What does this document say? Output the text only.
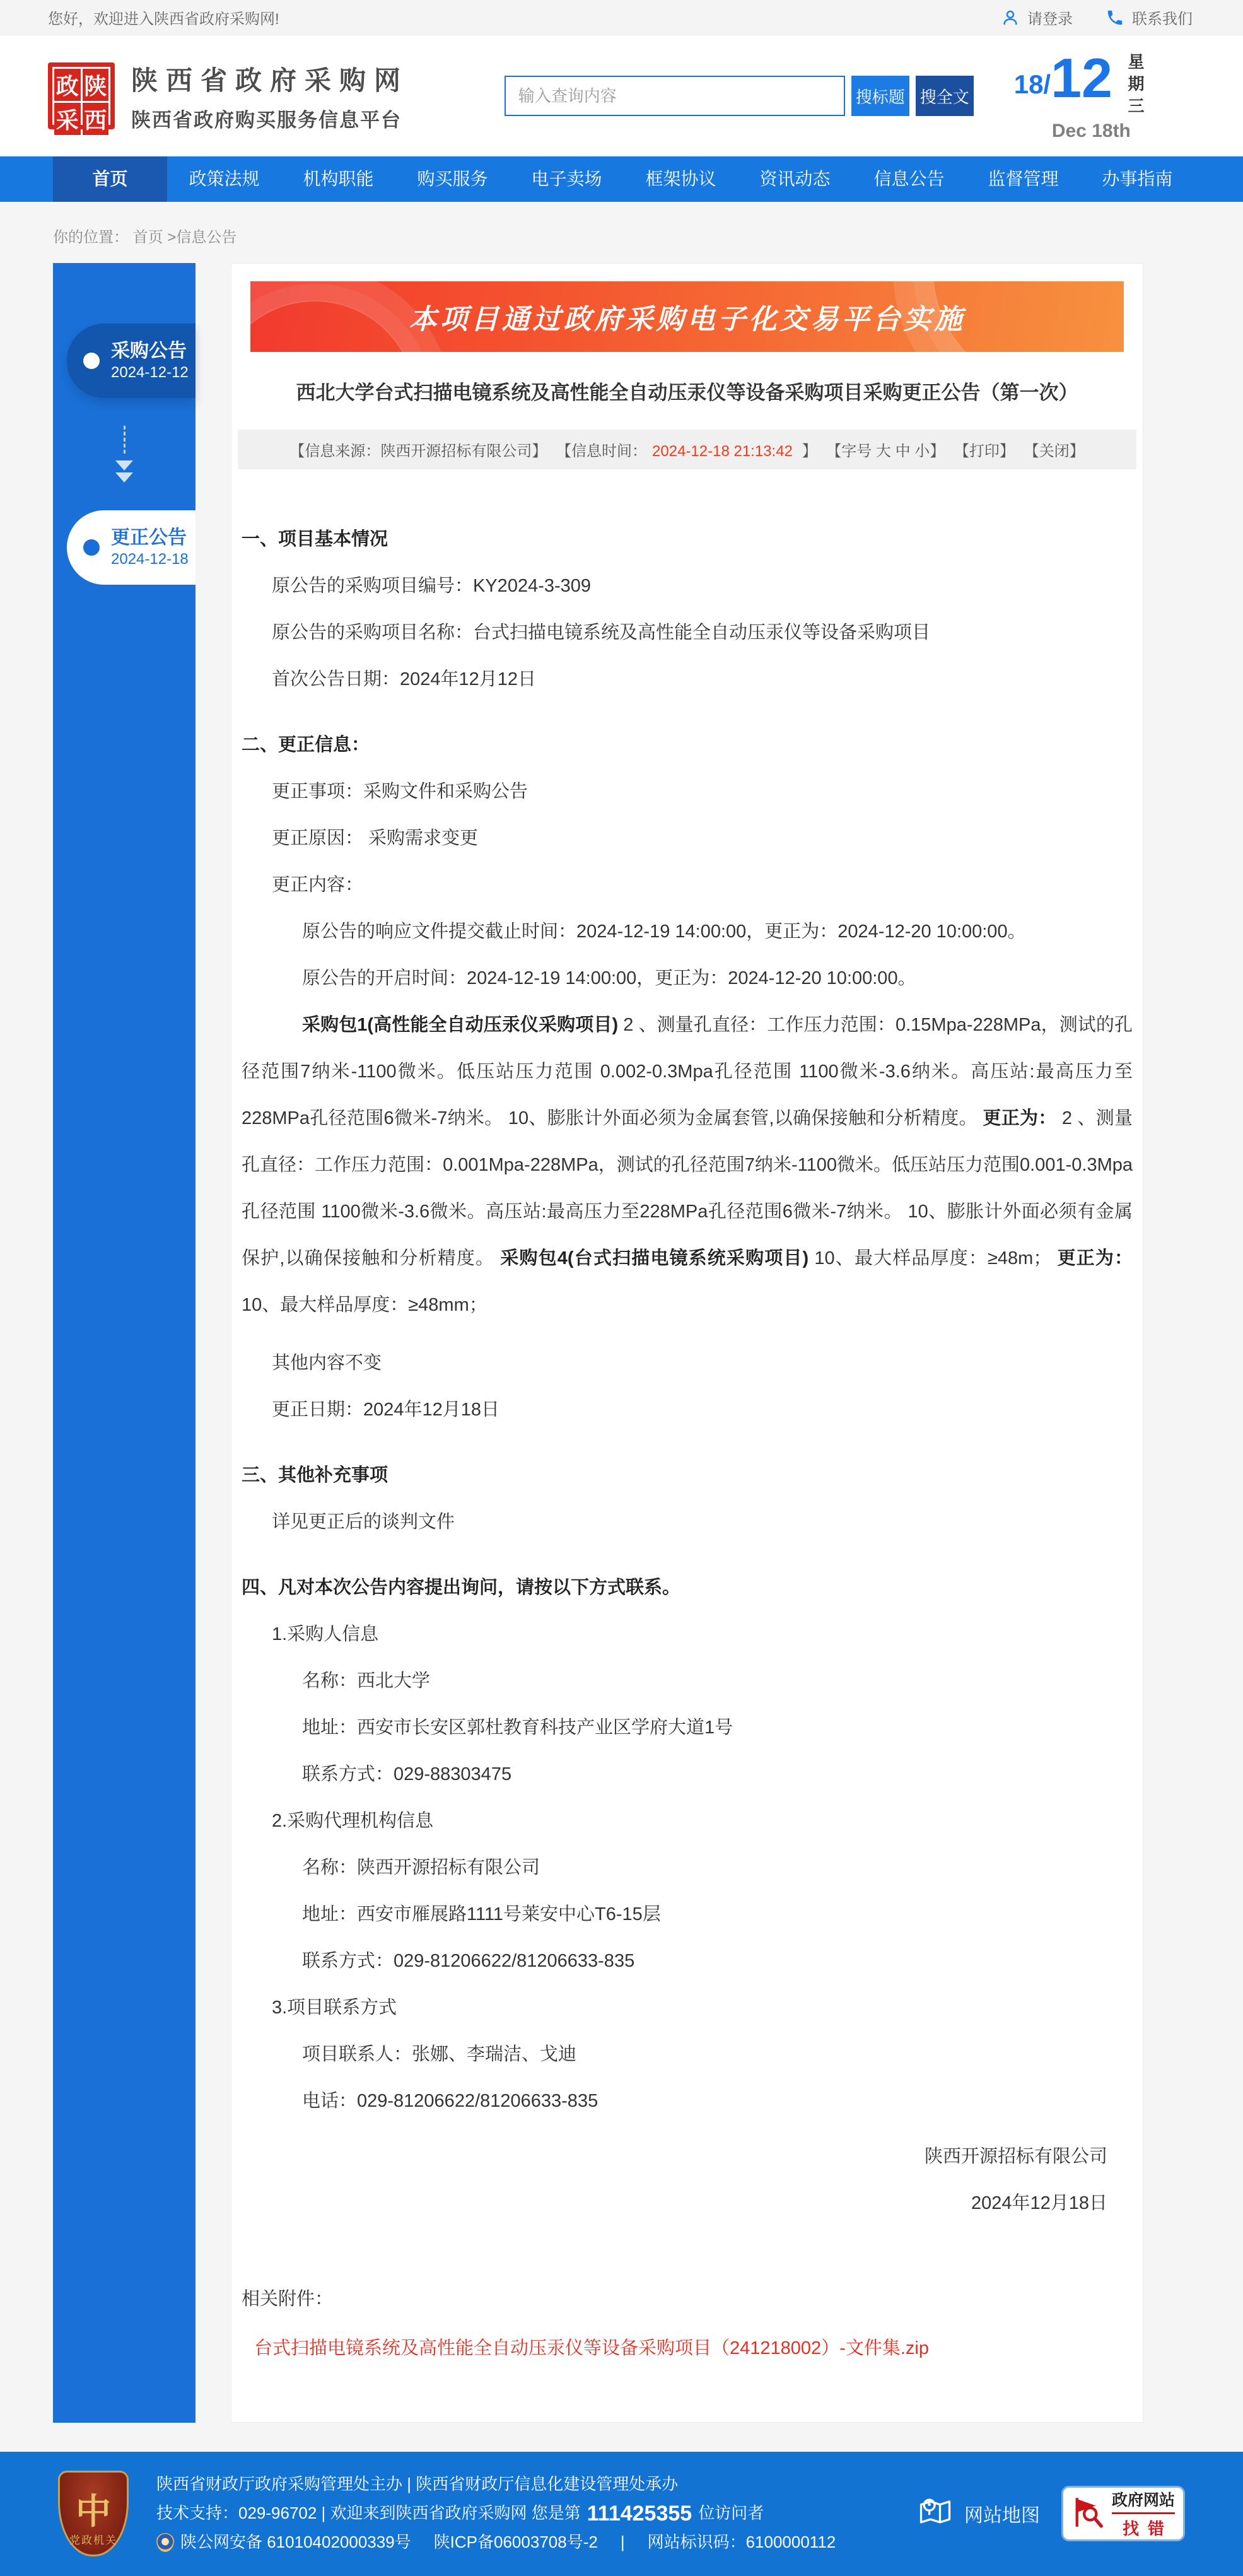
您好，欢迎进入陕西省政府采购网!	请登录	联系我们
政 陕
采 西
陕西省政府采购网
陕西省政府购买服务信息平台
输入查询内容
搜标题 搜全文 18/ 12 星期三
Dec 18th
首页	政策法规	机构职能	购买服务	电子卖场	框架协议	资讯动态	信息公告	监督管理	办事指南
你的位置： 首页 >信息公告
采购公告
2024-12-12
更正公告
2024-12-18
本项目通过政府采购电子化交易平台实施
西北大学台式扫描电镜系统及高性能全自动压汞仪等设备采购项目采购更正公告（第一次）
【信息来源：陕西开源招标有限公司】 【信息时间： 2024-12-18 21:13:42 】 【字号 大 中 小】 【打印】 【关闭】

一、项目基本情况

原公告的采购项目编号：KY2024-3-309

原公告的采购项目名称：台式扫描电镜系统及高性能全自动压汞仪等设备采购项目

首次公告日期：2024年12月12日

二、更正信息：

更正事项：采购文件和采购公告

更正原因： 采购需求变更

更正内容：

原公告的响应文件提交截止时间：2024-12-19 14:00:00，更正为：2024-12-20 10:00:00。

原公告的开启时间：2024-12-19 14:00:00，更正为：2024-12-20 10:00:00。

采购包1(高性能全自动压汞仪采购项目) 2 、测量孔直径：工作压力范围：0.15Mpa-228MPa，测试的孔径范围7纳米-1100微米。低压站压力范围 0.002-0.3Mpa孔径范围 1100微米-3.6纳米。高压站:最高压力至228MPa孔径范围6微米-7纳米。 10、膨胀计外面必须为金属套管,以确保接触和分析精度。 更正为： 2 、测量孔直径：工作压力范围：0.001Mpa-228MPa，测试的孔径范围7纳米-1100微米。低压站压力范围0.001-0.3Mpa孔径范围 1100微米-3.6微米。高压站:最高压力至228MPa孔径范围6微米-7纳米。 10、膨胀计外面必须有金属保护,以确保接触和分析精度。 采购包4(台式扫描电镜系统采购项目) 10、最大样品厚度：≥48m； 更正为： 10、最大样品厚度：≥48mm；

其他内容不变

更正日期：2024年12月18日

三、其他补充事项

详见更正后的谈判文件

四、凡对本次公告内容提出询问，请按以下方式联系。

1.采购人信息

名称：西北大学

地址：西安市长安区郭杜教育科技产业区学府大道1号

联系方式：029-88303475

2.采购代理机构信息

名称：陕西开源招标有限公司

地址：西安市雁展路1111号莱安中心T6-15层

联系方式：029-81206622/81206633-835

3.项目联系方式

项目联系人：张娜、李瑞洁、戈迪

电话：029-81206622/81206633-835

陕西开源招标有限公司

2024年12月18日

相关附件：

台式扫描电镜系统及高性能全自动压汞仪等设备采购项目（241218002）-文件集.zip
中
党政机关
陕西省财政厅政府采购管理处主办 | 陕西省财政厅信息化建设管理处承办
技术支持：029-96702 | 欢迎来到陕西省政府采购网 您是第 111425355 位访问者
陕公网安备 61010402000339号 陕ICP备06003708号-2 | 网站标识码：6100000112
网站地图
政府网站
找错
